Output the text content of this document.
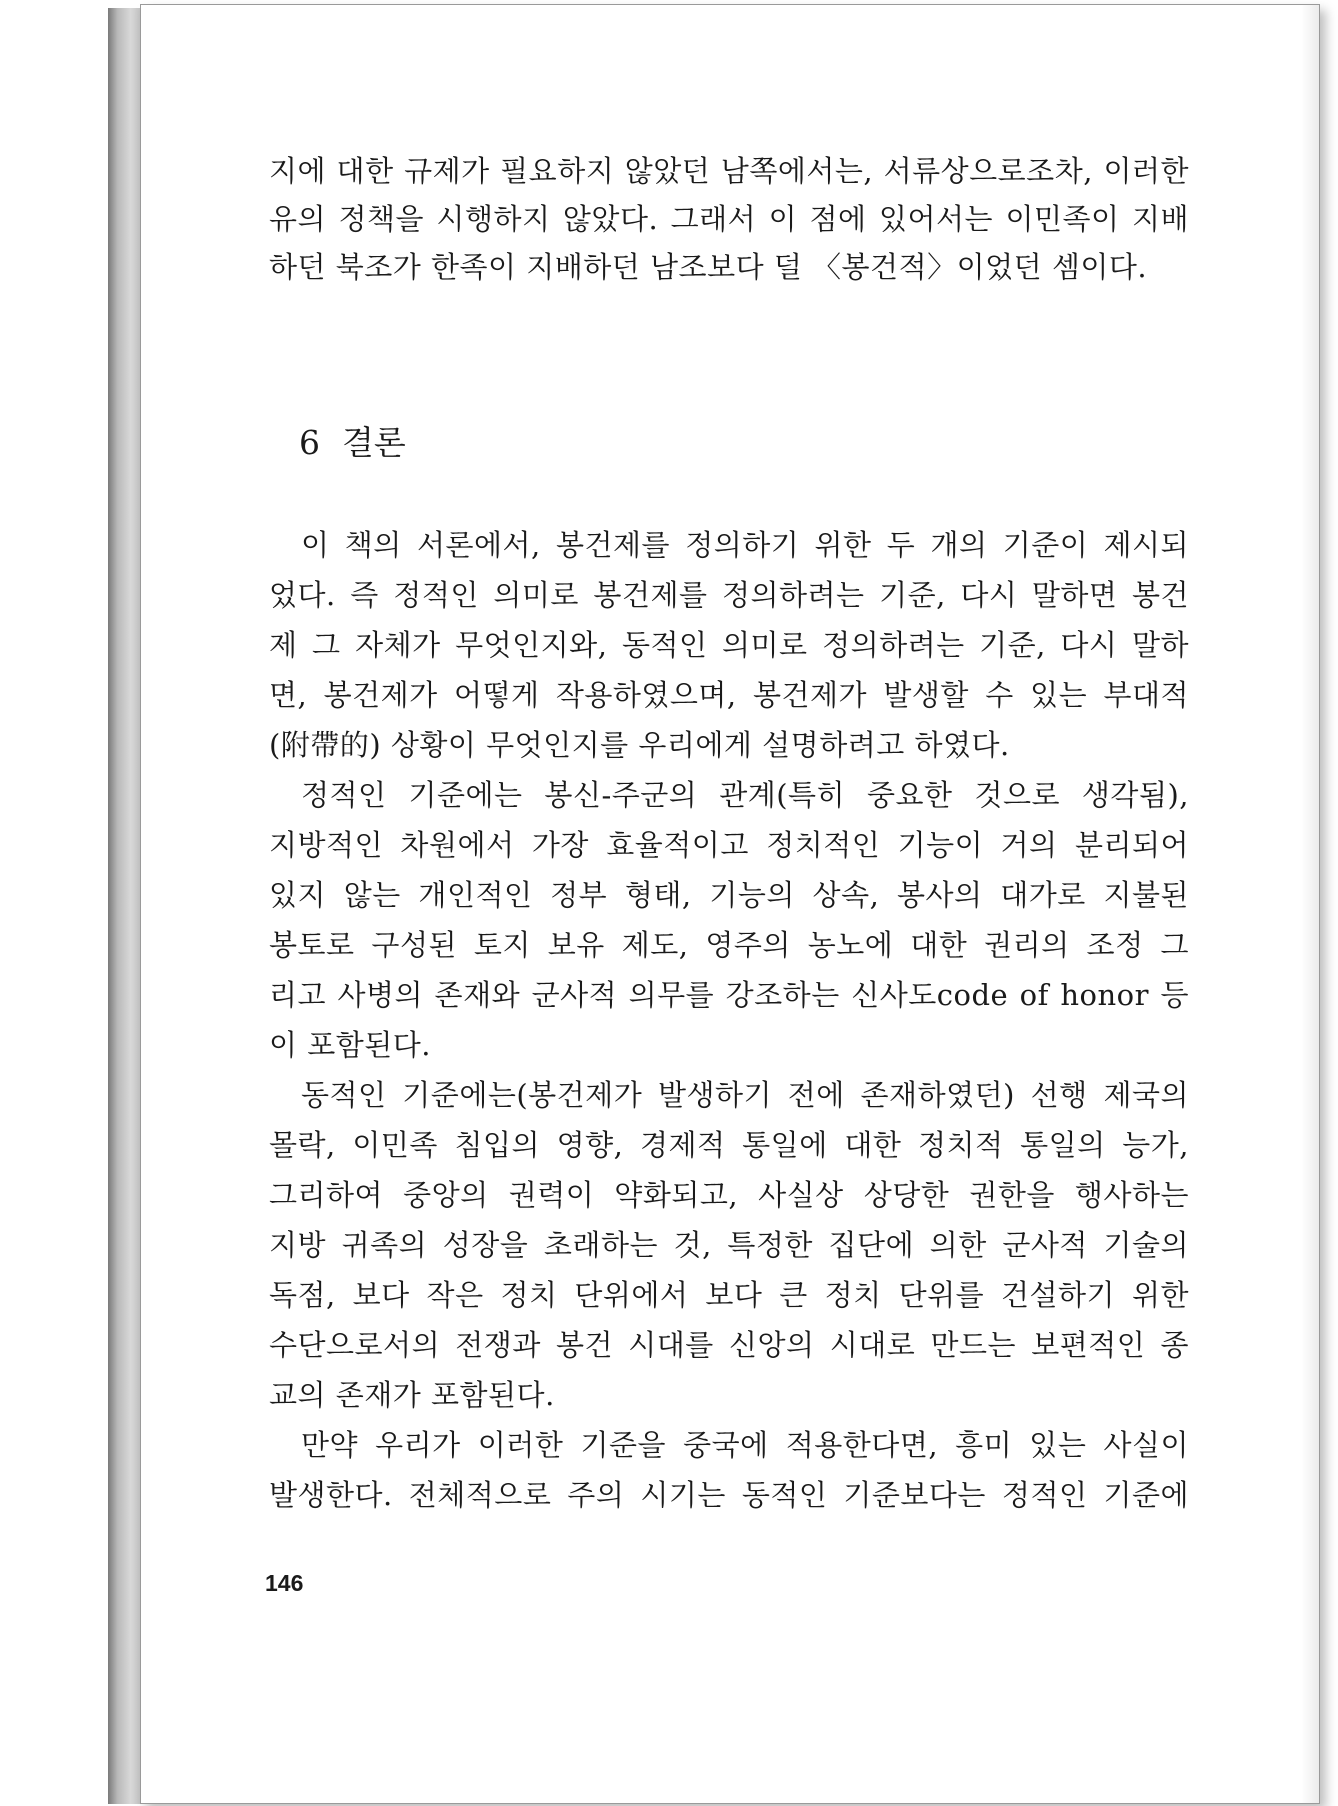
지에 대한 규제가 필요하지 않았던 남쪽에서는, 서류상으로조차, 이러한
유의 정책을 시행하지 않았다. 그래서 이 점에 있어서는 이민족이 지배
하던 북조가 한족이 지배하던 남조보다 덜 〈봉건적〉이었던 셈이다.
6 결론
이 책의 서론에서, 봉건제를 정의하기 위한 두 개의 기준이 제시되
었다. 즉 정적인 의미로 봉건제를 정의하려는 기준, 다시 말하면 봉건
제 그 자체가 무엇인지와, 동적인 의미로 정의하려는 기준, 다시 말하
면, 봉건제가 어떻게 작용하였으며, 봉건제가 발생할 수 있는 부대적
(附帶的) 상황이 무엇인지를 우리에게 설명하려고 하였다.
정적인 기준에는 봉신-주군의 관계(특히 중요한 것으로 생각됨),
지방적인 차원에서 가장 효율적이고 정치적인 기능이 거의 분리되어
있지 않는 개인적인 정부 형태, 기능의 상속, 봉사의 대가로 지불된
봉토로 구성된 토지 보유 제도, 영주의 농노에 대한 권리의 조정 그
리고 사병의 존재와 군사적 의무를 강조하는 신사도code of honor 등
이 포함된다.
동적인 기준에는(봉건제가 발생하기 전에 존재하였던) 선행 제국의
몰락, 이민족 침입의 영향, 경제적 통일에 대한 정치적 통일의 능가,
그리하여 중앙의 권력이 약화되고, 사실상 상당한 권한을 행사하는
지방 귀족의 성장을 초래하는 것, 특정한 집단에 의한 군사적 기술의
독점, 보다 작은 정치 단위에서 보다 큰 정치 단위를 건설하기 위한
수단으로서의 전쟁과 봉건 시대를 신앙의 시대로 만드는 보편적인 종
교의 존재가 포함된다.
만약 우리가 이러한 기준을 중국에 적용한다면, 흥미 있는 사실이
발생한다. 전체적으로 주의 시기는 동적인 기준보다는 정적인 기준에
146
